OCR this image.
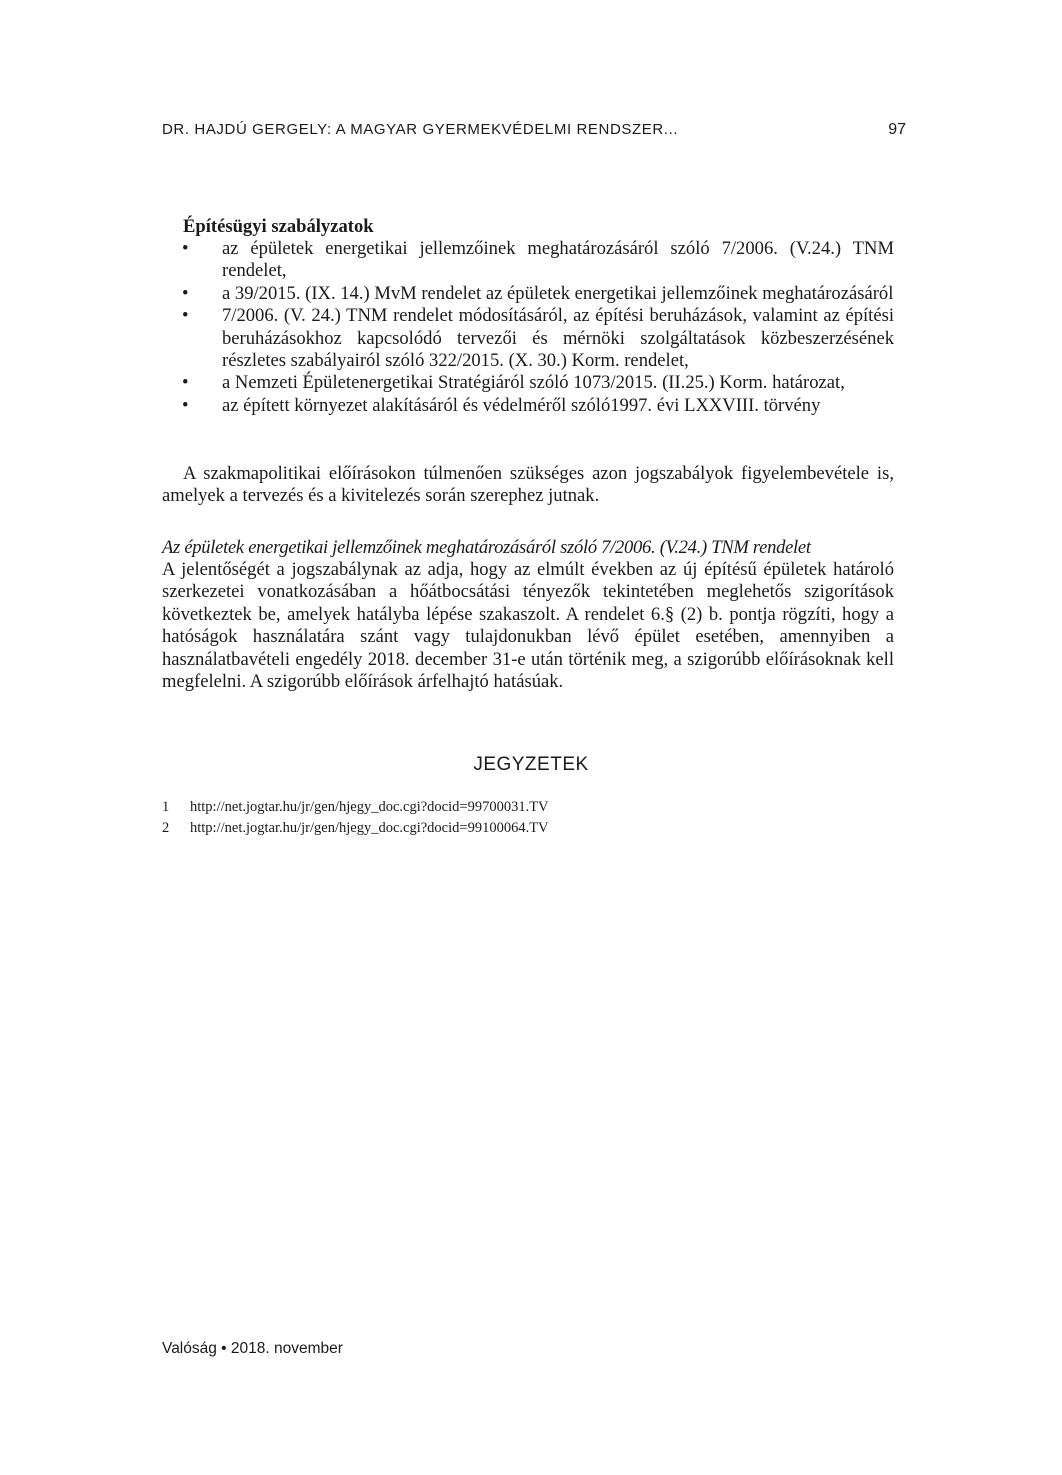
DR. HAJDÚ GERGELY: A MAGYAR GYERMEKVÉDELMI RENDSZER...	97
Építésügyi szabályzatok
• az épületek energetikai jellemzőinek meghatározásáról szóló 7/2006. (V.24.) TNM rendelet,
• a 39/2015. (IX. 14.) MvM rendelet az épületek energetikai jellemzőinek meghatározásáról
• 7/2006. (V. 24.) TNM rendelet módosításáról, az építési beruházások, valamint az építési beruházásokhoz kapcsolódó tervezői és mérnöki szolgáltatások közbeszerzésének részletes szabályairól szóló 322/2015. (X. 30.) Korm. rendelet,
• a Nemzeti Épületenergetikai Stratégiáról szóló 1073/2015. (II.25.) Korm. határozat,
• az épített környezet alakításáról és védelméről szóló1997. évi LXXVIII. törvény

A szakmapolitikai előírásokon túlmenően szükséges azon jogszabályok figyelembevétele is, amelyek a tervezés és a kivitelezés során szerephez jutnak.

Az épületek energetikai jellemzőinek meghatározásáról szóló 7/2006. (V.24.) TNM rendelet

A jelentőségét a jogszabálynak az adja, hogy az elmúlt években az új építésű épületek határoló szerkezetei vonatkozásában a hőátbocsátási tényezők tekintetében meglehetős szigorítások következtek be, amelyek hatályba lépése szakaszolt. A rendelet 6.§ (2) b. pontja rögzíti, hogy a hatóságok használatára szánt vagy tulajdonukban lévő épület esetében, amennyiben a használatbavételi engedély 2018. december 31-e után történik meg, a szigorúbb előírásoknak kell megfelelni. A szigorúbb előírások árfelhajtó hatásúak.

JEGYZETEK
1 http://net.jogtar.hu/jr/gen/hjegy_doc.cgi?docid=99700031.TV
2 http://net.jogtar.hu/jr/gen/hjegy_doc.cgi?docid=99100064.TV
Valóság • 2018. november
